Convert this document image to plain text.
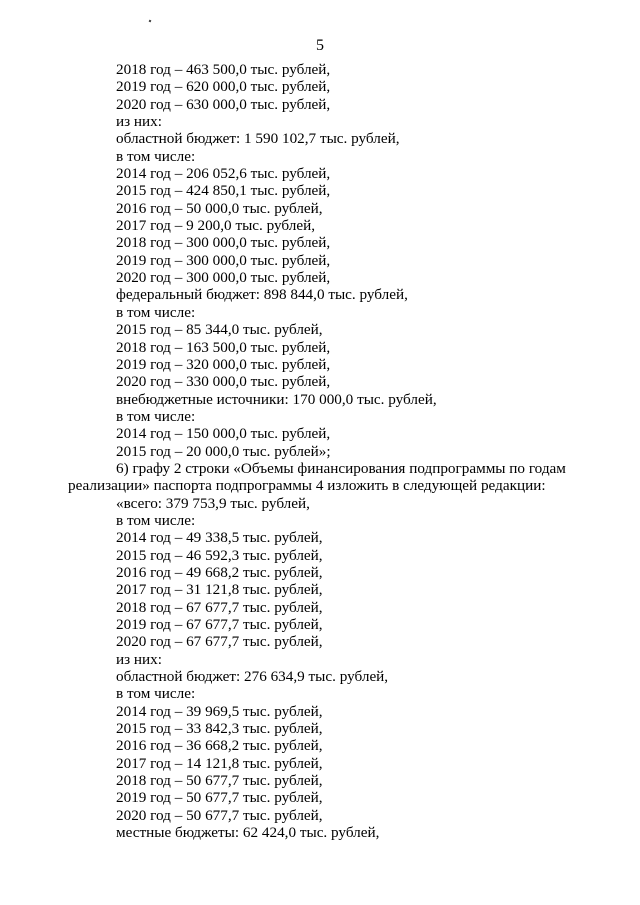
5
2018 год – 463 500,0 тыс. рублей,
2019 год – 620 000,0 тыс. рублей,
2020 год – 630 000,0 тыс. рублей,
из них:
областной бюджет: 1 590 102,7 тыс. рублей,
в том числе:
2014 год – 206 052,6 тыс. рублей,
2015 год – 424 850,1 тыс. рублей,
2016 год – 50 000,0 тыс. рублей,
2017 год – 9 200,0 тыс. рублей,
2018 год – 300 000,0 тыс. рублей,
2019 год – 300 000,0 тыс. рублей,
2020 год – 300 000,0 тыс. рублей,
федеральный бюджет: 898 844,0 тыс. рублей,
в том числе:
2015 год – 85 344,0 тыс. рублей,
2018 год – 163 500,0 тыс. рублей,
2019 год – 320 000,0 тыс. рублей,
2020 год – 330 000,0 тыс. рублей,
внебюджетные источники: 170 000,0 тыс. рублей,
в том числе:
2014 год – 150 000,0 тыс. рублей,
2015 год – 20 000,0 тыс. рублей»;
6) графу 2 строки «Объемы финансирования подпрограммы по годам
реализации» паспорта подпрограммы 4 изложить в следующей редакции:
«всего: 379 753,9 тыс. рублей,
в том числе:
2014 год – 49 338,5 тыс. рублей,
2015 год – 46 592,3 тыс. рублей,
2016 год – 49 668,2 тыс. рублей,
2017 год – 31 121,8 тыс. рублей,
2018 год – 67 677,7 тыс. рублей,
2019 год – 67 677,7 тыс. рублей,
2020 год – 67 677,7 тыс. рублей,
из них:
областной бюджет: 276 634,9 тыс. рублей,
в том числе:
2014 год – 39 969,5 тыс. рублей,
2015 год – 33 842,3 тыс. рублей,
2016 год – 36 668,2 тыс. рублей,
2017 год – 14 121,8 тыс. рублей,
2018 год – 50 677,7 тыс. рублей,
2019 год – 50 677,7 тыс. рублей,
2020 год – 50 677,7 тыс. рублей,
местные бюджеты: 62 424,0 тыс. рублей,
